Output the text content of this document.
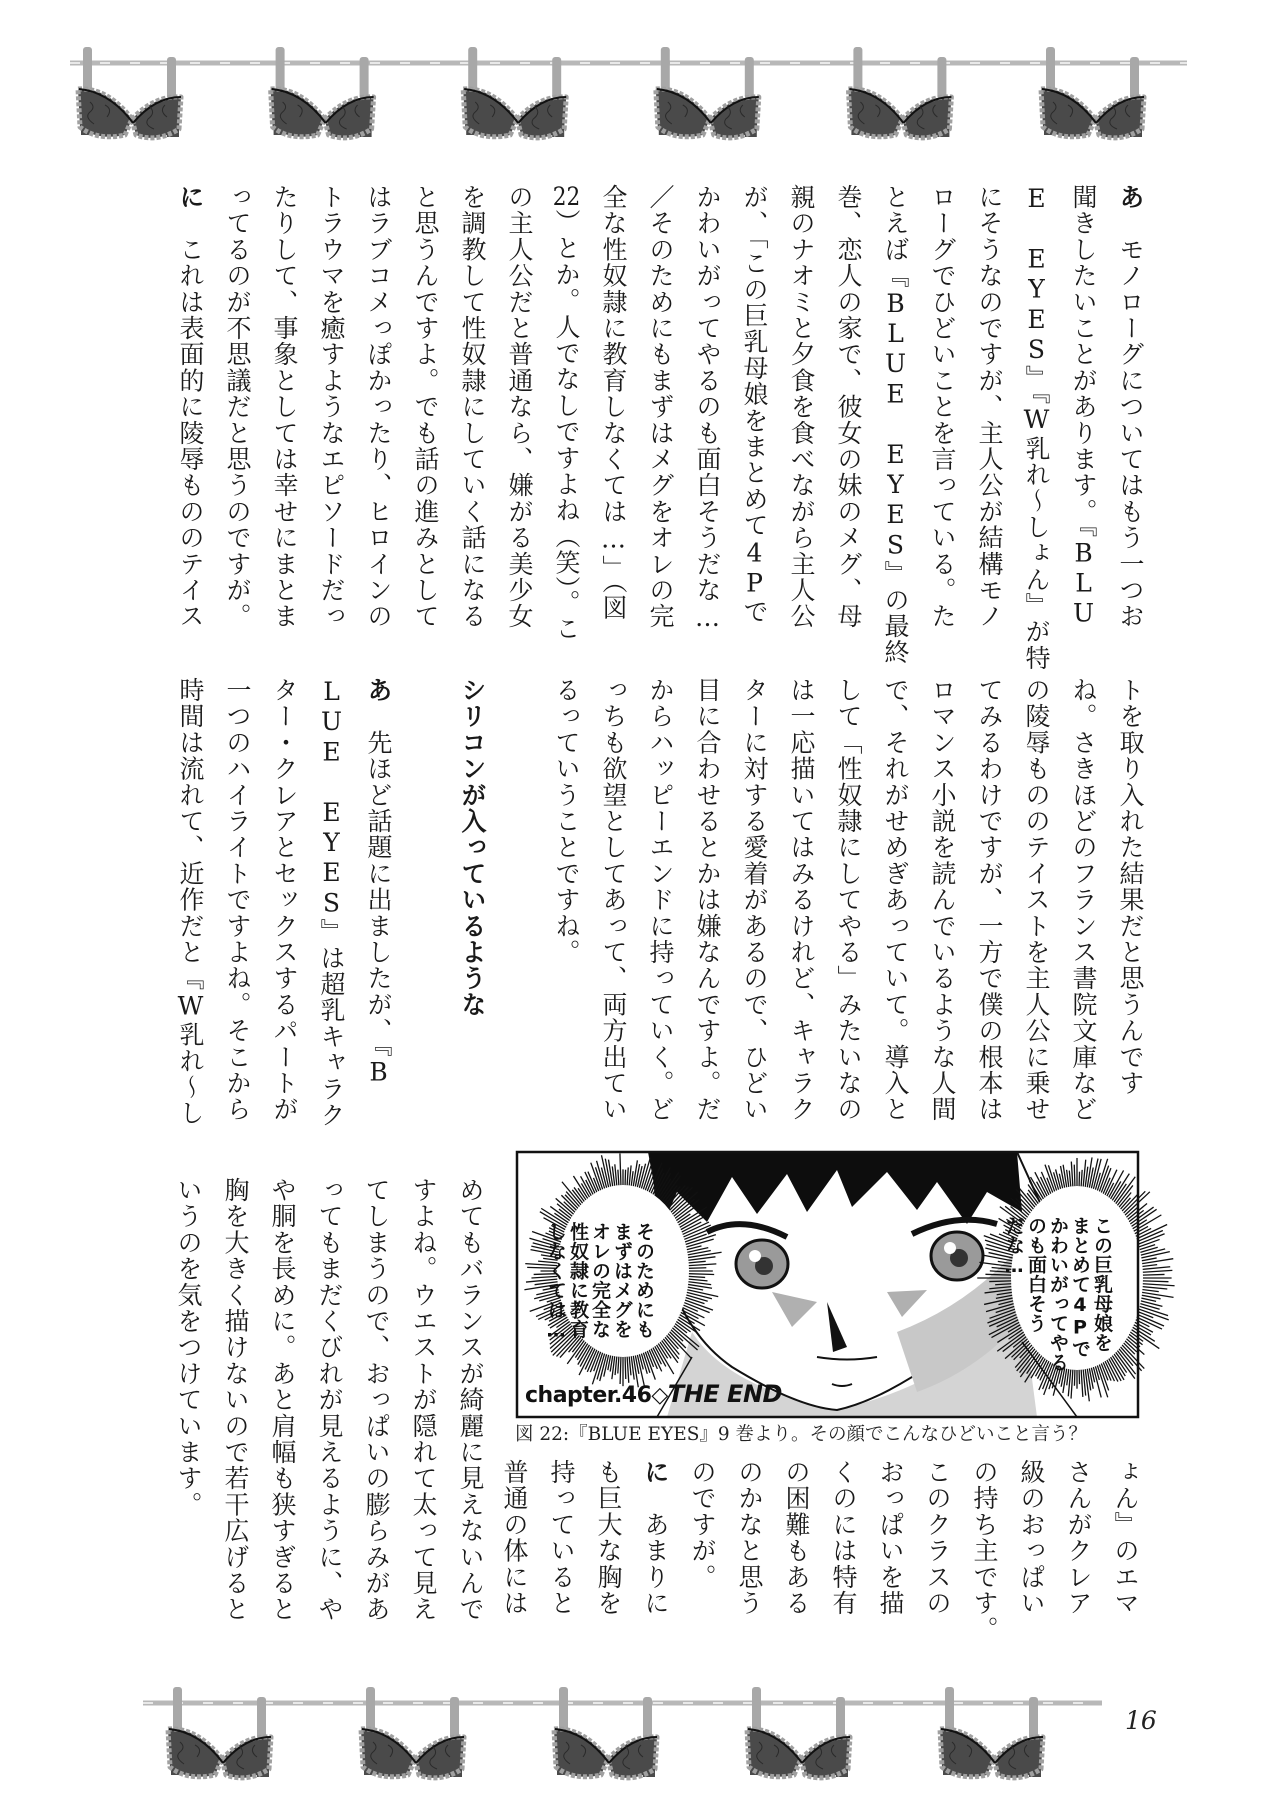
あ　モノローグについてはもう一つお
聞きしたいことがあります。『BLU
E EYES』『W乳れ～しょん』が特
にそうなのですが、主人公が結構モノ
ローグでひどいことを言っている。た
とえば『BLUE EYES』の最終
巻、恋人の家で、彼女の妹のメグ、母
親のナオミと夕食を食べながら主人公
が、「この巨乳母娘をまとめて4Pで
かわいがってやるのも面白そうだな…
／そのためにもまずはメグをオレの完
全な性奴隷に教育しなくては…」（図
22）とか。人でなしですよね（笑）。こ
の主人公だと普通なら、嫌がる美少女
を調教して性奴隷にしていく話になる
と思うんですよ。でも話の進みとして
はラブコメっぽかったり、ヒロインの
トラウマを癒すようなエピソードだっ
たりして、事象としては幸せにまとま
ってるのが不思議だと思うのですが。
に　これは表面的に陵辱もののテイス
トを取り入れた結果だと思うんです
ね。さきほどのフランス書院文庫など
の陵辱もののテイストを主人公に乗せ
てみるわけですが、一方で僕の根本は
ロマンス小説を読んでいるような人間
で、それがせめぎあっていて。導入と
して「性奴隷にしてやる」みたいなの
は一応描いてはみるけれど、キャラク
ターに対する愛着があるので、ひどい
目に合わせるとかは嫌なんですよ。だ
からハッピーエンドに持っていく。ど
っちも欲望としてあって、両方出てい
るっていうことですね。

シリコンが入っているような

あ　先ほど話題に出ましたが、『B
LUE EYES』は超乳キャラク
ター・クレアとセックスするパートが
一つのハイライトですよね。そこから
時間は流れて、近作だと『W乳れ～し
めてもバランスが綺麗に見えないんで
すよね。ウエストが隠れて太って見え
てしまうので、おっぱいの膨らみがあ
ってもまだくびれが見えるように、や
や胴を長めに。あと肩幅も狭すぎると
胸を大きく描けないので若干広げると
いうのを気をつけています。
ょん』のエマ
さんがクレア
級のおっぱい
の持ち主です。
このクラスの
おっぱいを描
くのには特有
の困難もある
のかなと思う
のですが。
に　あまりに
も巨大な胸を
持っていると
普通の体には
この巨乳母娘を
まとめて4Pで
かわいがってやる
のも面白そう
だな…
そのためにも
まずはメグを
オレの完全な
性奴隷に教育
しなくては…
chapter.46◇THE END
図 22:『BLUE EYES』9 巻より。その顔でこんなひどいこと言う？
16
